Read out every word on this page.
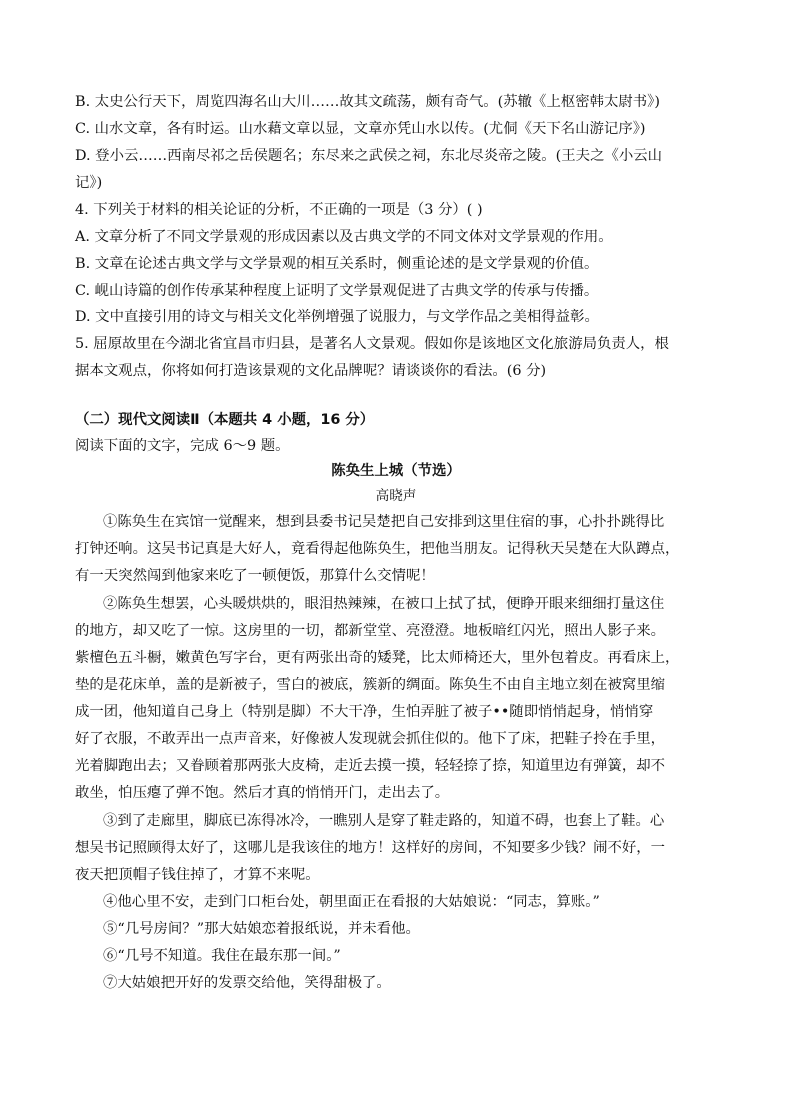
B. 太史公行天下，周览四海名山大川……故其文疏荡，颇有奇气。(苏辙《上枢密韩太尉书》)
C. 山水文章，各有时运。山水藉文章以显，文章亦凭山水以传。(尤侗《天下名山游记序》)
D. 登小云……西南尽祁之岳侯题名；东尽来之武侯之祠，东北尽炎帝之陵。(王夫之《小云山
记》)
4. 下列关于材料的相关论证的分析，不正确的一项是（3 分）( )
A. 文章分析了不同文学景观的形成因素以及古典文学的不同文体对文学景观的作用。
B. 文章在论述古典文学与文学景观的相互关系时，侧重论述的是文学景观的价值。
C. 岘山诗篇的创作传承某种程度上证明了文学景观促进了古典文学的传承与传播。
D. 文中直接引用的诗文与相关文化举例增强了说服力，与文学作品之美相得益彰。
5. 屈原故里在今湖北省宜昌市归县，是著名人文景观。假如你是该地区文化旅游局负责人，根
据本文观点，你将如何打造该景观的文化品牌呢？请谈谈你的看法。(6 分)
（二）现代文阅读Ⅱ（本题共 4 小题，16 分）
阅读下面的文字，完成 6～9 题。
陈奂生上城（节选）
高晓声
①陈奂生在宾馆一觉醒来，想到县委书记吴楚把自己安排到这里住宿的事，心扑扑跳得比
打钟还响。这吴书记真是大好人，竟看得起他陈奂生，把他当朋友。记得秋天吴楚在大队蹲点，
有一天突然闯到他家来吃了一顿便饭，那算什么交情呢！
②陈奂生想罢，心头暖烘烘的，眼泪热辣辣，在被口上拭了拭，便睁开眼来细细打量这住
的地方，却又吃了一惊。这房里的一切，都新堂堂、亮澄澄。地板暗红闪光，照出人影子来。
紫檀色五斗橱，嫩黄色写字台，更有两张出奇的矮凳，比太师椅还大，里外包着皮。再看床上，
垫的是花床单，盖的是新被子，雪白的被底，簇新的绸面。陈奂生不由自主地立刻在被窝里缩
成一团，他知道自己身上（特别是脚）不大干净，生怕弄脏了被子••随即悄悄起身，悄悄穿
好了衣服，不敢弄出一点声音来，好像被人发现就会抓住似的。他下了床，把鞋子拎在手里，
光着脚跑出去；又眷顾着那两张大皮椅，走近去摸一摸，轻轻捺了捺，知道里边有弹簧，却不
敢坐，怕压瘪了弹不饱。然后才真的悄悄开门，走出去了。
③到了走廊里，脚底已冻得冰冷，一瞧别人是穿了鞋走路的，知道不碍，也套上了鞋。心
想吴书记照顾得太好了，这哪儿是我该住的地方！这样好的房间，不知要多少钱？闹不好，一
夜天把顶帽子钱住掉了，才算不来呢。
④他心里不安，走到门口柜台处，朝里面正在看报的大姑娘说：“同志，算账。”
⑤“几号房间？”那大姑娘恋着报纸说，并未看他。
⑥“几号不知道。我住在最东那一间。”
⑦大姑娘把开好的发票交给他，笑得甜极了。
